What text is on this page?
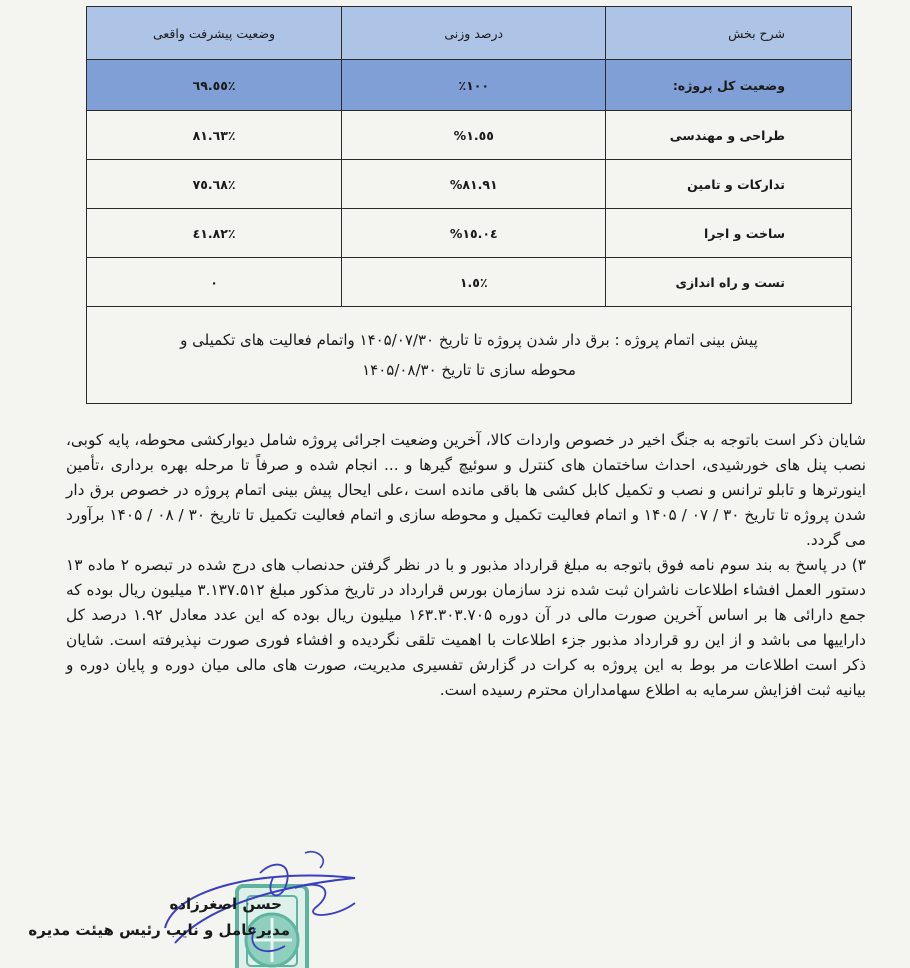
شرح بخش	درصد وزنی	وضعیت پیشرفت واقعی
وضعیت کل پروژه:	١٠٠٪	٪٦٩.٥٥
طراحی و مهندسی	١.٥٥%	٪٨١.٦٣
تدارکات و تامین	٨١.٩١%	٪٧٥.٦٨
ساخت و اجرا	١٥.٠٤%	٪٤١.٨٢
تست و راه اندازی	٪١.٥	٠

پیش بینی اتمام پروژه : برق دار شدن پروژه تا تاریخ ۱۴۰۵/۰۷/۳۰ واتمام فعالیت های تکمیلی و
محوطه سازی تا تاریخ ۱۴۰۵/۰۸/۳۰		

شایان ذکر است باتوجه به جنگ اخیر در خصوص واردات کالا، آخرین وضعیت اجرائی پروژه شامل دیوارکشی محوطه، پایه کوبی، نصب پنل های خورشیدی، احداث ساختمان های کنترل و سوئیچ گیرها و ... انجام شده و صرفاً تا مرحله بهره برداری ،تأمین اینورترها و تابلو ترانس و نصب و تکمیل کابل کشی ها باقی مانده است ،علی ایحال پیش بینی اتمام پروژه در خصوص برق دار شدن پروژه تا تاریخ ۳۰ / ۰۷ / ۱۴۰۵ و اتمام فعالیت تکمیل و محوطه سازی و اتمام فعالیت تکمیل تا تاریخ ۳۰ / ۰۸ / ۱۴۰۵ برآورد می گردد.

۳) در پاسخ به بند سوم نامه فوق باتوجه به مبلغ قرارداد مذبور و با در نظر گرفتن حدنصاب های درج شده در تبصره ۲ ماده ۱۳ دستور العمل افشاء اطلاعات ناشران ثبت شده نزد سازمان بورس قرارداد در تاریخ مذکور مبلغ ۳.۱۳۷.۵۱۲ میلیون ریال بوده که جمع دارائی ها بر اساس آخرین صورت مالی در آن دوره ۱۶۳.۳۰۳.۷۰۵ میلیون ریال بوده که این عدد معادل ۱.۹۲ درصد کل داراییها می باشد و از این رو قرارداد مذبور جزء اطلاعات با اهمیت تلقی نگردیده و افشاء فوری صورت نپذیرفته است. شایان ذکر است اطلاعات مر بوط به این پروژه به کرات در گزارش تفسیری مدیریت، صورت های مالی میان دوره و پایان دوره و بیانیه ثبت افزایش سرمایه به اطلاع سهامداران محترم رسیده است.

حسن اصغرزاده
مدیرعامل و نایب رئیس هیئت مدیره
